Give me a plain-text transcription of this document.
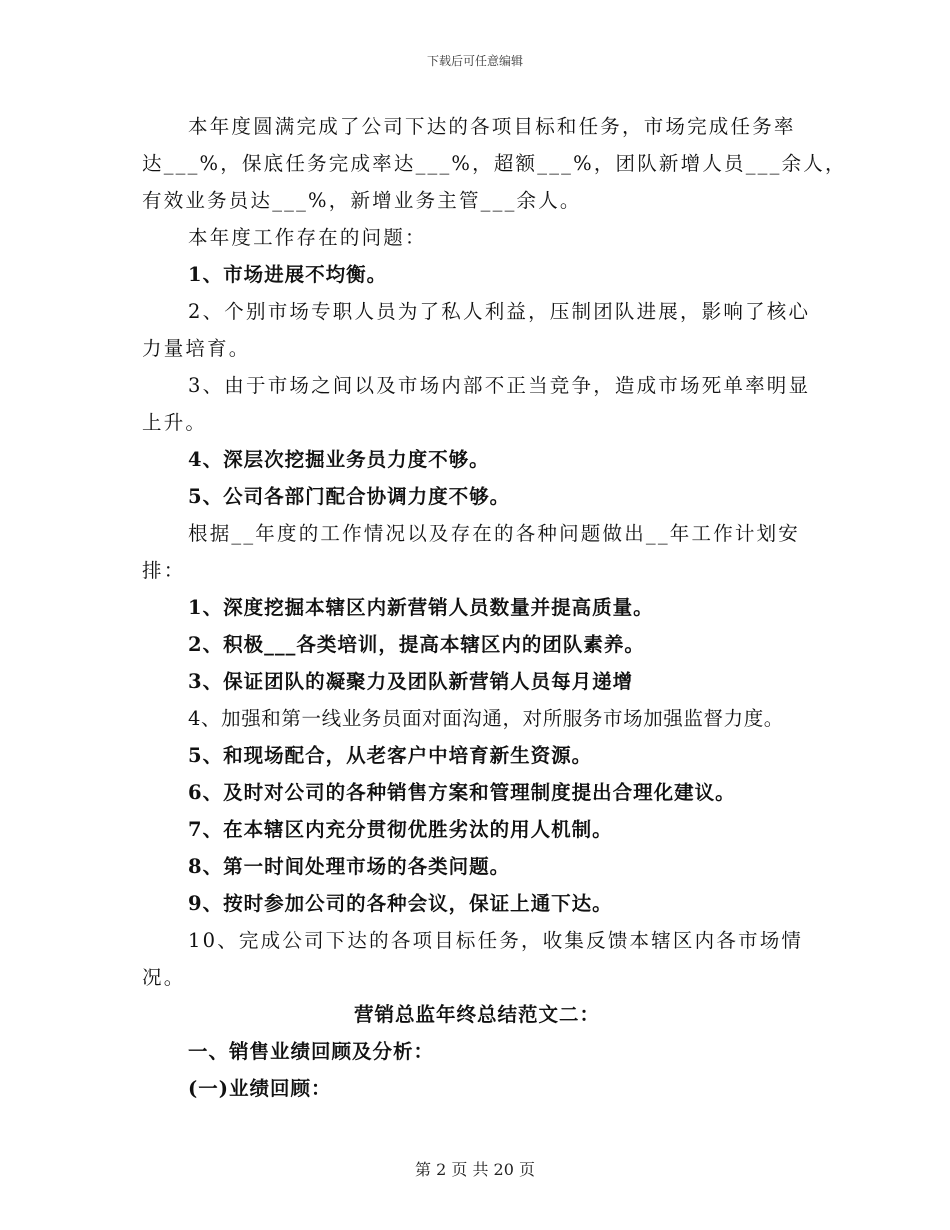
下载后可任意编辑

本年度圆满完成了公司下达的各项目标和任务，市场完成任务率

达___%，保底任务完成率达___%，超额___%，团队新增人员___余人，

有效业务员达___%，新增业务主管___余人。

本年度工作存在的问题：

1、市场进展不均衡。

2、个别市场专职人员为了私人利益，压制团队进展，影响了核心

力量培育。

3、由于市场之间以及市场内部不正当竞争，造成市场死单率明显

上升。

4、深层次挖掘业务员力度不够。

5、公司各部门配合协调力度不够。

根据__年度的工作情况以及存在的各种问题做出__年工作计划安

排：

1、深度挖掘本辖区内新营销人员数量并提高质量。

2、积极___各类培训，提高本辖区内的团队素养。

3、保证团队的凝聚力及团队新营销人员每月递增

4、加强和第一线业务员面对面沟通，对所服务市场加强监督力度。

5、和现场配合，从老客户中培育新生资源。

6、及时对公司的各种销售方案和管理制度提出合理化建议。

7、在本辖区内充分贯彻优胜劣汰的用人机制。

8、第一时间处理市场的各类问题。

9、按时参加公司的各种会议，保证上通下达。

10、完成公司下达的各项目标任务，收集反馈本辖区内各市场情

况。

营销总监年终总结范文二：

一、销售业绩回顾及分析：

(一)业绩回顾：

第 2 页 共 20 页
